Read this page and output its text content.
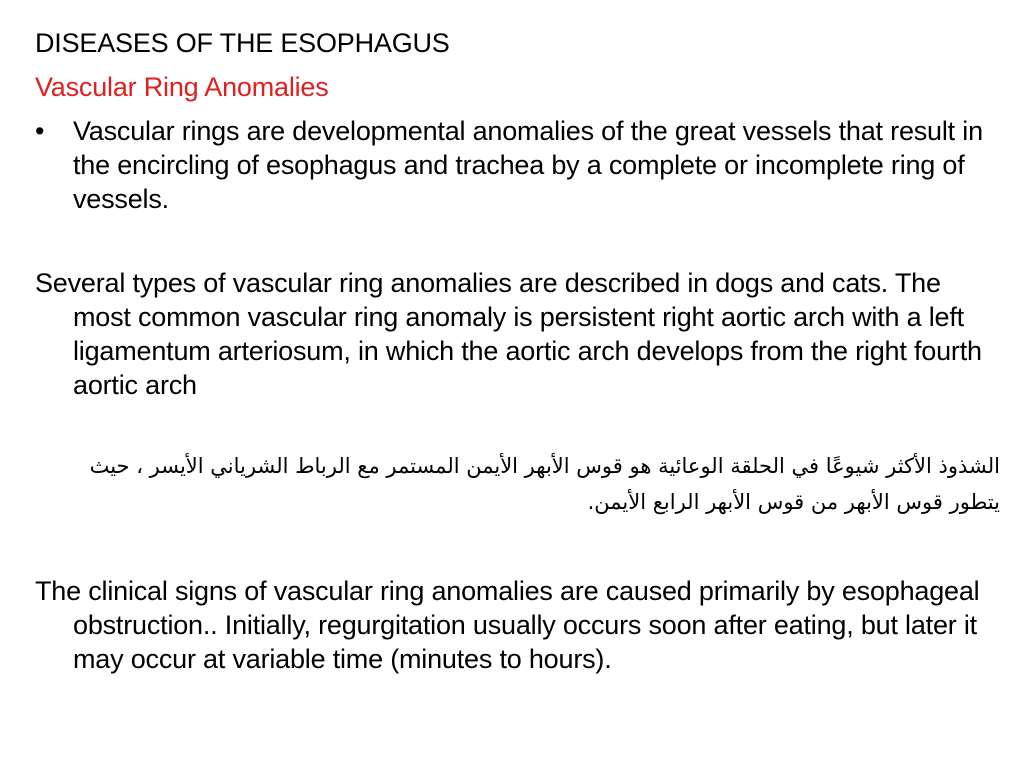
DISEASES OF THE ESOPHAGUS
Vascular Ring Anomalies
•	Vascular rings are developmental anomalies of the great vessels that result in the encircling of esophagus and trachea by a complete or incomplete ring of vessels.
Several types of vascular ring anomalies are described in dogs and cats. The most common vascular ring anomaly is persistent right aortic arch with a left ligamentum arteriosum, in which the aortic arch develops from the right fourth aortic arch
الشذوذ الأكثر شيوعًا في الحلقة الوعائية هو قوس الأبهر الأيمن المستمر مع الرباط الشرياني الأيسر ، حيث يتطور قوس الأبهر من قوس الأبهر الرابع الأيمن.
The clinical signs of vascular ring anomalies are caused primarily by esophageal obstruction.. Initially, regurgitation usually occurs soon after eating, but later it may occur at variable time (minutes to hours).
